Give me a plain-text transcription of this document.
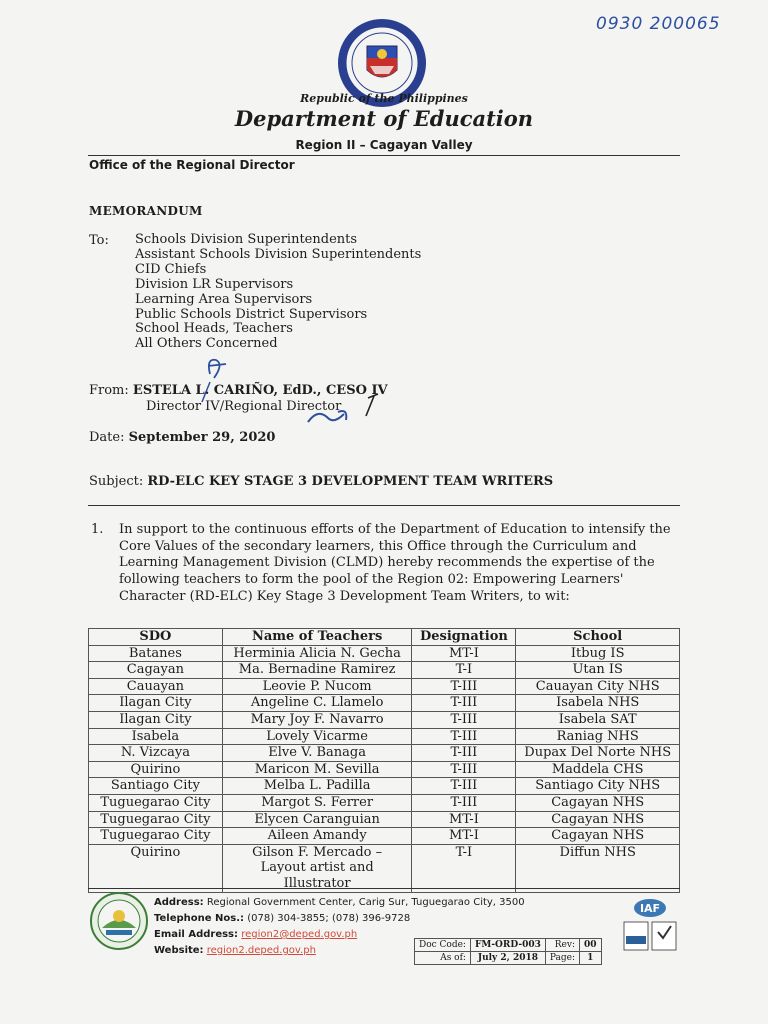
0930 200065
Republic of the Philippines
Department of Education
Region II – Cagayan Valley
Office of the Regional Director
MEMORANDUM
To: Schools Division Superintendents
Assistant Schools Division Superintendents
CID Chiefs
Division LR Supervisors
Learning Area Supervisors
Public Schools District Supervisors
School Heads, Teachers
All Others Concerned
From: ESTELA L. CARIÑO, EdD., CESO IV
Director IV/Regional Director
Date: September 29, 2020
Subject: RD-ELC KEY STAGE 3 DEVELOPMENT TEAM WRITERS
1. In support to the continuous efforts of the Department of Education to intensify the Core Values of the secondary learners, this Office through the Curriculum and Learning Management Division (CLMD) hereby recommends the expertise of the following teachers to form the pool of the Region 02: Empowering Learners' Character (RD-ELC) Key Stage 3 Development Team Writers, to wit:
SDO	Name of Teachers	Designation	School
Batanes	Herminia Alicia N. Gecha	MT-I	Itbug IS
Cagayan	Ma. Bernadine Ramirez	T-I	Utan IS
Cauayan	Leovie P. Nucom	T-III	Cauayan City NHS
Ilagan City	Angeline C. Llamelo	T-III	Isabela NHS
Ilagan City	Mary Joy F. Navarro	T-III	Isabela SAT
Isabela	Lovely Vicarme	T-III	Raniag NHS
N. Vizcaya	Elve V. Banaga	T-III	Dupax Del Norte NHS
Quirino	Maricon M. Sevilla	T-III	Maddela CHS
Santiago City	Melba L. Padilla	T-III	Santiago City NHS
Tuguegarao City	Margot S. Ferrer	T-III	Cagayan NHS
Tuguegarao City	Elycen Caranguian	MT-I	Cagayan NHS
Tuguegarao City	Aileen Amandy	MT-I	Cagayan NHS
Quirino	Gilson F. Mercado – Layout artist and Illustrator	T-I	Diffun NHS
Address: Regional Government Center, Carig Sur, Tuguegarao City, 3500
Telephone Nos.: (078) 304-3855; (078) 396-9728
Email Address: region2@deped.gov.ph
Website: region2.deped.gov.ph	Doc Code:	FM-ORD-003	Rev:	00
As of:	July 2, 2018	Page:	1
IAF
